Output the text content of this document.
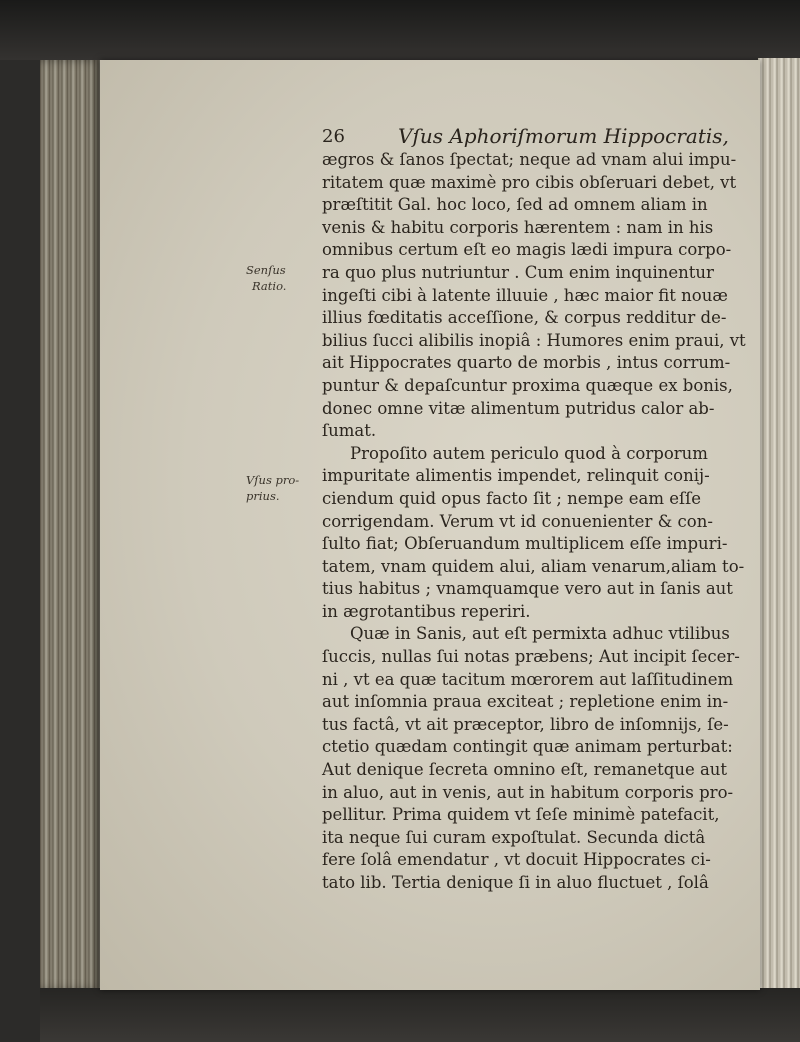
26	Vſus Aphoriſmorum Hippocratis,
Senſus
Ratio.
Vſus pro-
prius.
ægros & ſanos ſpectat; neque ad vnam alui impu-
ritatem quæ maximè pro cibis obſeruari debet, vt
præſtitit Gal. hoc loco, ſed ad omnem aliam in
venis & habitu corporis hærentem : nam in his
omnibus certum eſt eo magis lædi impura corpo-
ra quo plus nutriuntur . Cum enim inquinentur
ingeſti cibi à latente illuuie , hæc maior fit nouæ
illius fœditatis acceſſione, & corpus redditur de-
bilius ſucci alibilis inopiâ : Humores enim praui, vt
ait Hippocrates quarto de morbis , intus corrum-
puntur & depaſcuntur proxima quæque ex bonis,
donec omne vitæ alimentum putridus calor ab-
ſumat.
Propoſito autem periculo quod à corporum
impuritate alimentis impendet, relinquit conij-
ciendum quid opus facto ſit ; nempe eam eſſe
corrigendam. Verum vt id conuenienter & con-
ſulto fiat; Obſeruandum multiplicem eſſe impuri-
tatem, vnam quidem alui, aliam venarum,aliam to-
tius habitus ; vnamquamque vero aut in ſanis aut
in ægrotantibus reperiri.
Quæ in Sanis, aut eſt permixta adhuc vtilibus
ſuccis, nullas ſui notas præbens; Aut incipit ſecer-
ni , vt ea quæ tacitum mœrorem aut laſſitudinem
aut inſomnia praua exciteat ; repletione enim in-
tus factâ, vt ait præceptor, libro de inſomnijs, ſe-
ctetio quædam contingit quæ animam perturbat:
Aut denique ſecreta omnino eſt, remanetque aut
in aluo, aut in venis, aut in habitum corporis pro-
pellitur. Prima quidem vt ſeſe minimè patefacit,
ita neque ſui curam expoſtulat. Secunda dictâ
fere ſolâ emendatur , vt docuit Hippocrates ci-
tato lib. Tertia denique ſi in aluo fluctuet , ſolâ
